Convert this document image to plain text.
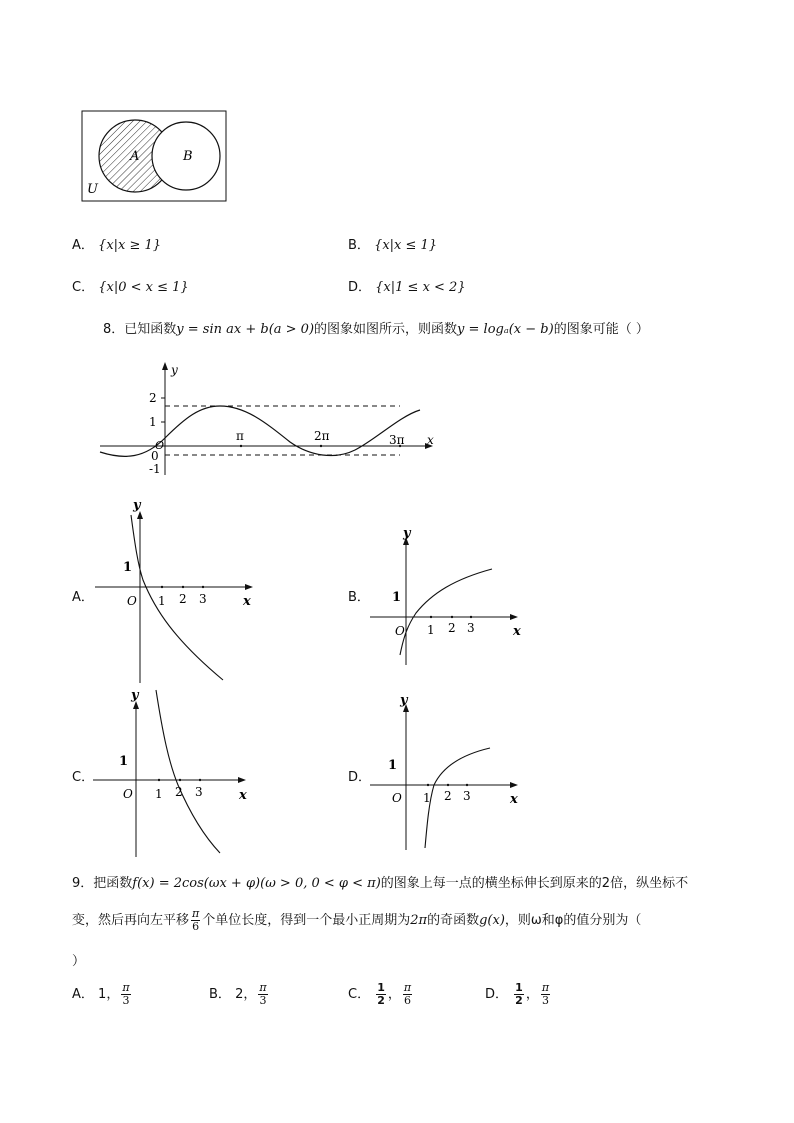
A	B
U
A． {x|x ≥ 1}	B． {x|x ≤ 1}
C． {x|0 < x ≤ 1}	D． {x|1 ≤ x < 2}
8．已知函数y = sin ax + b(a > 0)的图象如图所示，则函数y = logₐ(x − b)的图象可能（ ）
y
x
2
1
0
-1
O
π	2π	3π
A．
y
x
1
O 1 2 3	B．
y
x
1
O 1 2 3
C．
y
x
1
O 1 2 3
D．
y
x
1
O 1 2 3
9．把函数f(x) = 2cos(ωx + φ)(ω > 0, 0 < φ < π)的图象上每一点的横坐标伸长到原来的2倍，纵坐标不
变，然后再向左平移 $\frac{\pi}{6}$ 个单位长度，得到一个最小正周期为2π的奇函数g(x)，则ω和φ的值分别为（
）
A． 1， $\frac{\pi}{3}$	B． 2， $\frac{\pi}{3}$	C． $\frac{1}{2}$ ， $\frac{\pi}{6}$	D． $\frac{1}{2}$ ， $\frac{\pi}{3}$
